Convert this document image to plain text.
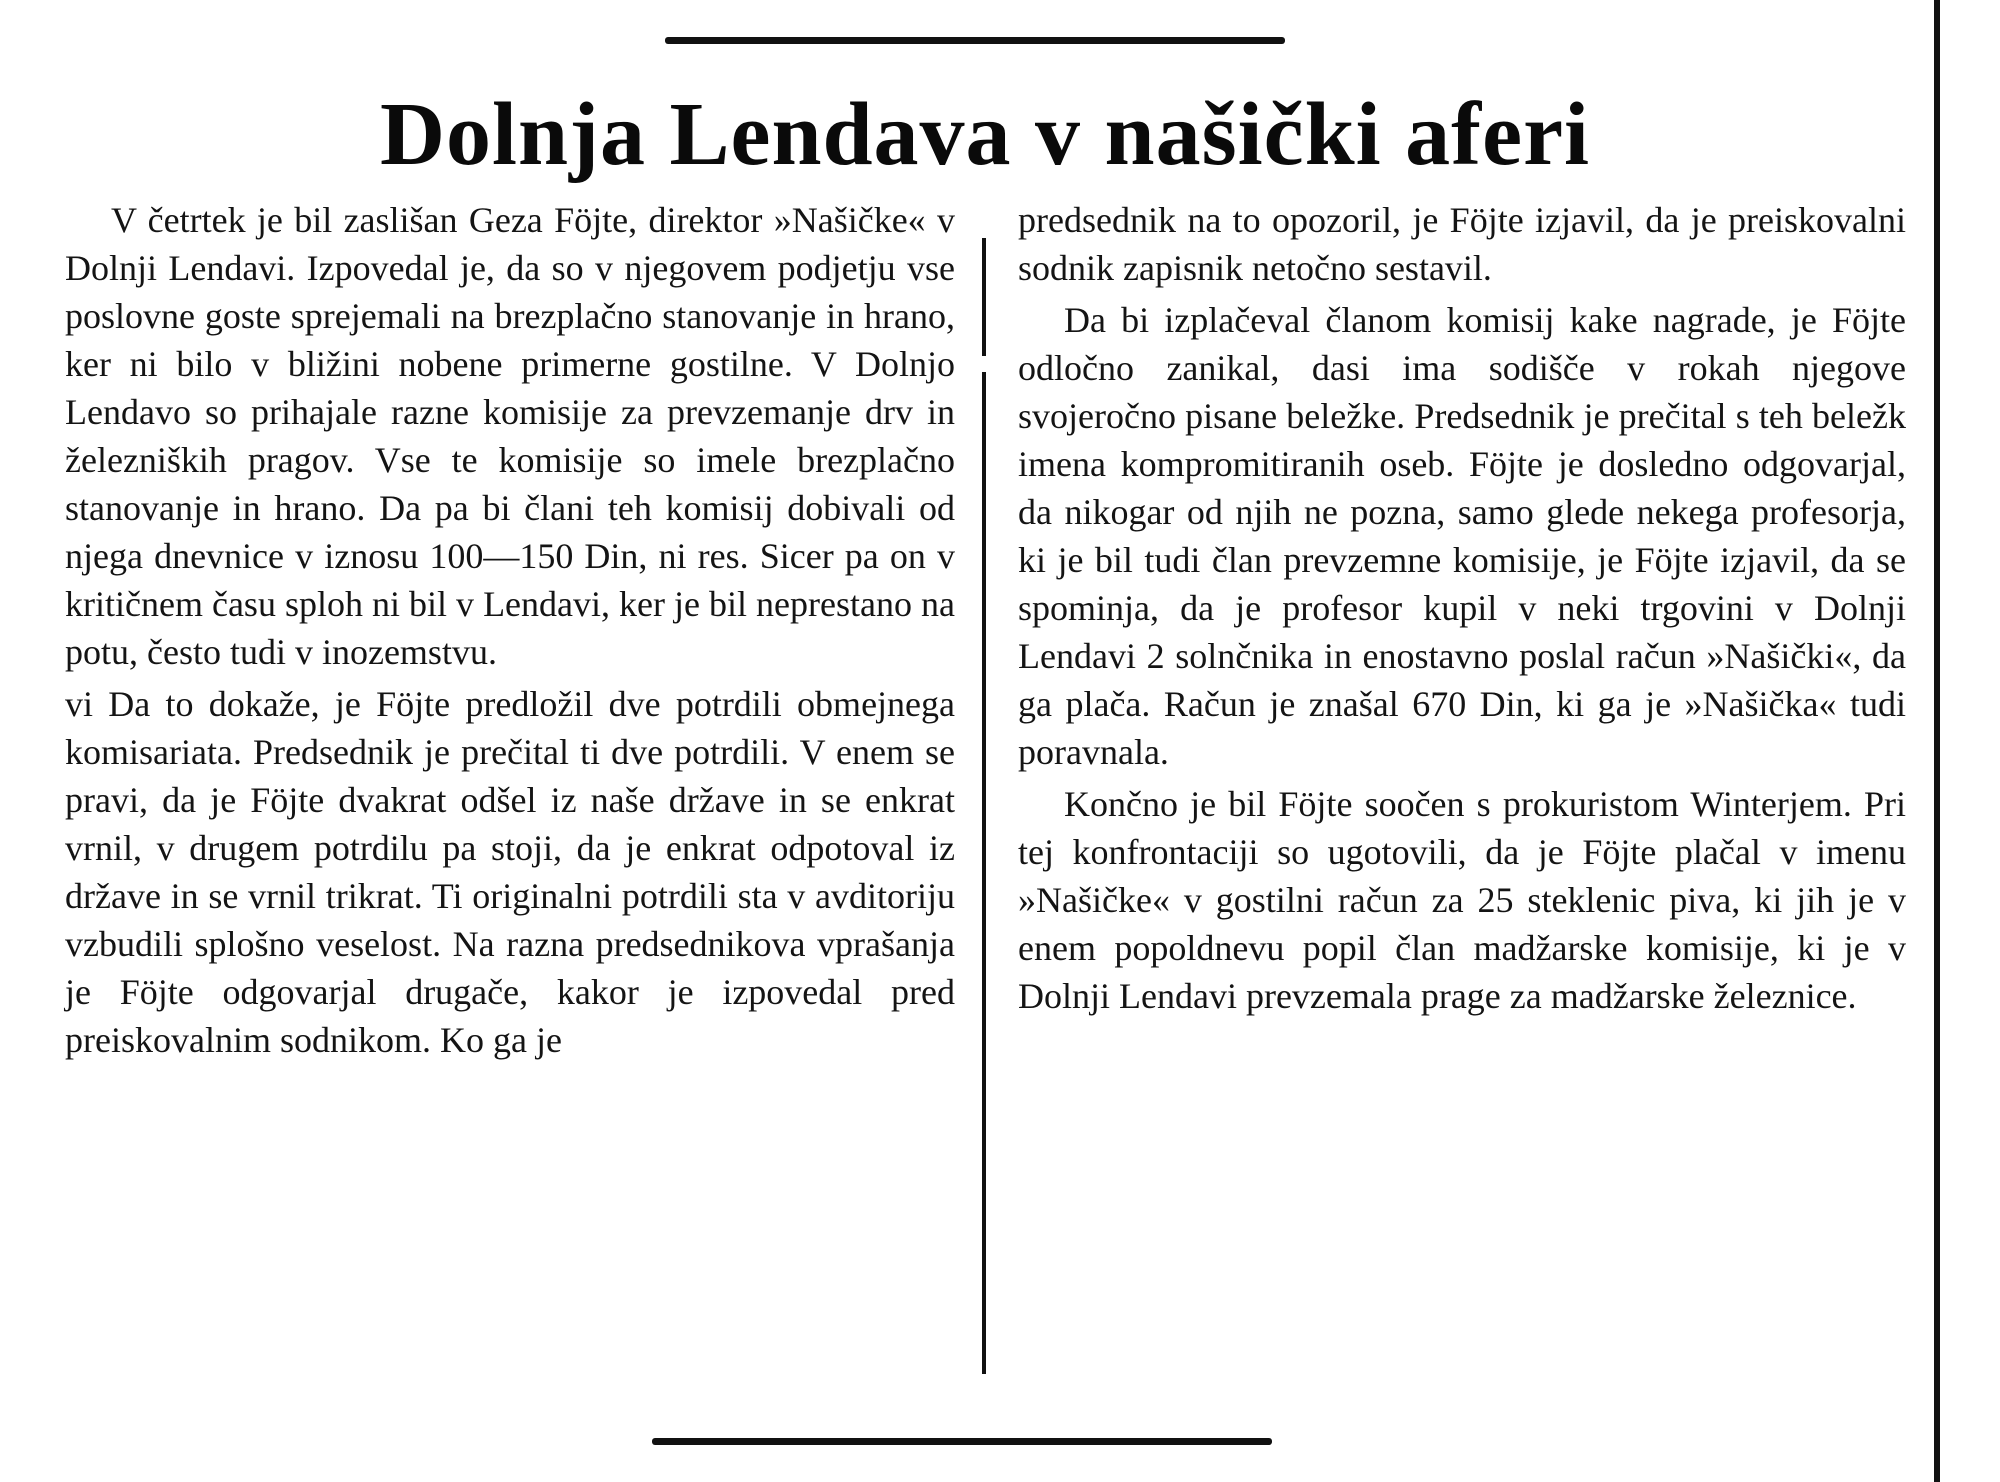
Dolnja Lendava v našički aferi

V četrtek je bil zaslišan Geza Föjte, direktor »Našičke« v Dolnji Lendavi. Izpovedal je, da so v njegovem podjetju vse poslovne goste sprejemali na brezplačno stanovanje in hrano, ker ni bilo v bližini nobene primerne gostilne. V Dolnjo Lendavo so prihajale razne komisije za prevzemanje drv in železniških pragov. Vse te komisije so imele brezplačno stanovanje in hrano. Da pa bi člani teh komisij dobivali od njega dnevnice v iznosu 100—150 Din, ni res. Sicer pa on v kritičnem času sploh ni bil v Lendavi, ker je bil neprestano na potu, često tudi v inozemstvu.

vi Da to dokaže, je Föjte predložil dve potrdili obmejnega komisariata. Predsednik je prečital ti dve potrdili. V enem se pravi, da je Föjte dvakrat odšel iz naše države in se enkrat vrnil, v drugem potrdilu pa stoji, da je enkrat odpotoval iz države in se vrnil trikrat. Ti originalni potrdili sta v avditoriju vzbudili splošno veselost. Na razna predsednikova vprašanja je Föjte odgovarjal drugače, kakor je izpovedal pred preiskovalnim sodnikom. Ko ga je

predsednik na to opozoril, je Föjte izjavil, da je preiskovalni sodnik zapisnik netočno sestavil.

Da bi izplačeval članom komisij kake nagrade, je Föjte odločno zanikal, dasi ima sodišče v rokah njegove svojeročno pisane beležke. Predsednik je prečital s teh beležk imena kompromitiranih oseb. Föjte je dosledno odgovarjal, da nikogar od njih ne pozna, samo glede nekega profesorja, ki je bil tudi član prevzemne komisije, je Föjte izjavil, da se spominja, da je profesor kupil v neki trgovini v Dolnji Lendavi 2 solnčnika in enostavno poslal račun »Našički«, da ga plača. Račun je znašal 670 Din, ki ga je »Našička« tudi poravnala.

Končno je bil Föjte soočen s prokuristom Winterjem. Pri tej konfrontaciji so ugotovili, da je Föjte plačal v imenu »Našičke« v gostilni račun za 25 steklenic piva, ki jih je v enem popoldnevu popil član madžarske komisije, ki je v Dolnji Lendavi prevzemala prage za madžarske železnice.
